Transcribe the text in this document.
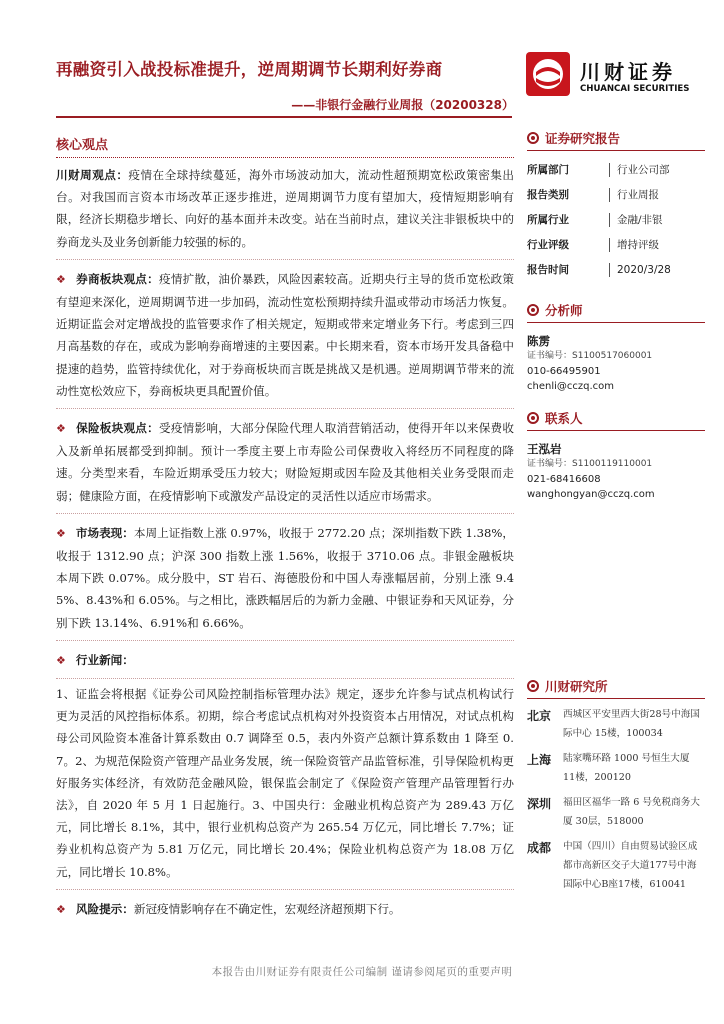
再融资引入战投标准提升，逆周期调节长期利好券商
——非银行金融行业周报（20200328）
川财证券
CHUANCAI SECURITIES
核心观点

川财周观点：疫情在全球持续蔓延，海外市场波动加大，流动性超预期宽松政策密集出台。对我国而言资本市场改革正逐步推进，逆周期调节力度有望加大，疫情短期影响有限，经济长期稳步增长、向好的基本面并未改变。站在当前时点，建议关注非银板块中的券商龙头及业务创新能力较强的标的。

❖ 券商板块观点：疫情扩散，油价暴跌，风险因素较高。近期央行主导的货币宽松政策有望迎来深化，逆周期调节进一步加码，流动性宽松预期持续升温或带动市场活力恢复。近期证监会对定增战投的监管要求作了相关规定，短期或带来定增业务下行。考虑到三四月高基数的存在，或成为影响券商增速的主要因素。中长期来看，资本市场开发具备稳中提速的趋势，监管持续优化，对于券商板块而言既是挑战又是机遇。逆周期调节带来的流动性宽松效应下，券商板块更具配置价值。

❖ 保险板块观点：受疫情影响，大部分保险代理人取消营销活动，使得开年以来保费收入及新单拓展都受到抑制。预计一季度主要上市寿险公司保费收入将经历不同程度的降速。分类型来看，车险近期承受压力较大；财险短期或因车险及其他相关业务受限而走弱；健康险方面，在疫情影响下或激发产品设定的灵活性以适应市场需求。

❖ 市场表现：本周上证指数上涨 0.97%，收报于 2772.20 点；深圳指数下跌 1.38%，收报于 1312.90 点；沪深 300 指数上涨 1.56%，收报于 3710.06 点。非银金融板块本周下跌 0.07%。成分股中，ST 岩石、海德股份和中国人寿涨幅居前，分别上涨 9.45%、8.43%和 6.05%。与之相比，涨跌幅居后的为新力金融、中银证券和天风证券，分别下跌 13.14%、6.91%和 6.66%。

❖ 行业新闻：

1、证监会将根据《证券公司风险控制指标管理办法》规定，逐步允许参与试点机构试行更为灵活的风控指标体系。初期，综合考虑试点机构对外投资资本占用情况，对试点机构母公司风险资本准备计算系数由 0.7 调降至 0.5，表内外资产总额计算系数由 1 降至 0.7。2、为规范保险资产管理产品业务发展，统一保险资管产品监管标准，引导保险机构更好服务实体经济，有效防范金融风险，银保监会制定了《保险资产管理产品管理暂行办法》，自 2020 年 5 月 1 日起施行。3、中国央行：金融业机构总资产为 289.43 万亿元，同比增长 8.1%，其中，银行业机构总资产为 265.54 万亿元，同比增长 7.7%；证券业机构总资产为 5.81 万亿元，同比增长 20.4%；保险业机构总资产为 18.08 万亿元，同比增长 10.8%。

❖ 风险提示：新冠疫情影响存在不确定性，宏观经济超预期下行。

证券研究报告
所属部门	行业公司部
报告类别	行业周报
所属行业	金融/非银
行业评级	增持评级
报告时间	2020/3/28
分析师
陈雳
证书编号：S1100517060001
010-66495901
chenli@cczq.com
联系人
王泓岩
证书编号：S1100119110001
021-68416608
wanghongyan@cczq.com
川财研究所
北京	西城区平安里西大街28号中海国际中心 15楼，100034
上海	陆家嘴环路 1000 号恒生大厦 11楼，200120
深圳	福田区福华一路 6 号免税商务大厦 30层，518000
成都	中国（四川）自由贸易试验区成都市高新区交子大道177号中海国际中心B座17楼，610041
本报告由川财证券有限责任公司编制 谨请参阅尾页的重要声明
